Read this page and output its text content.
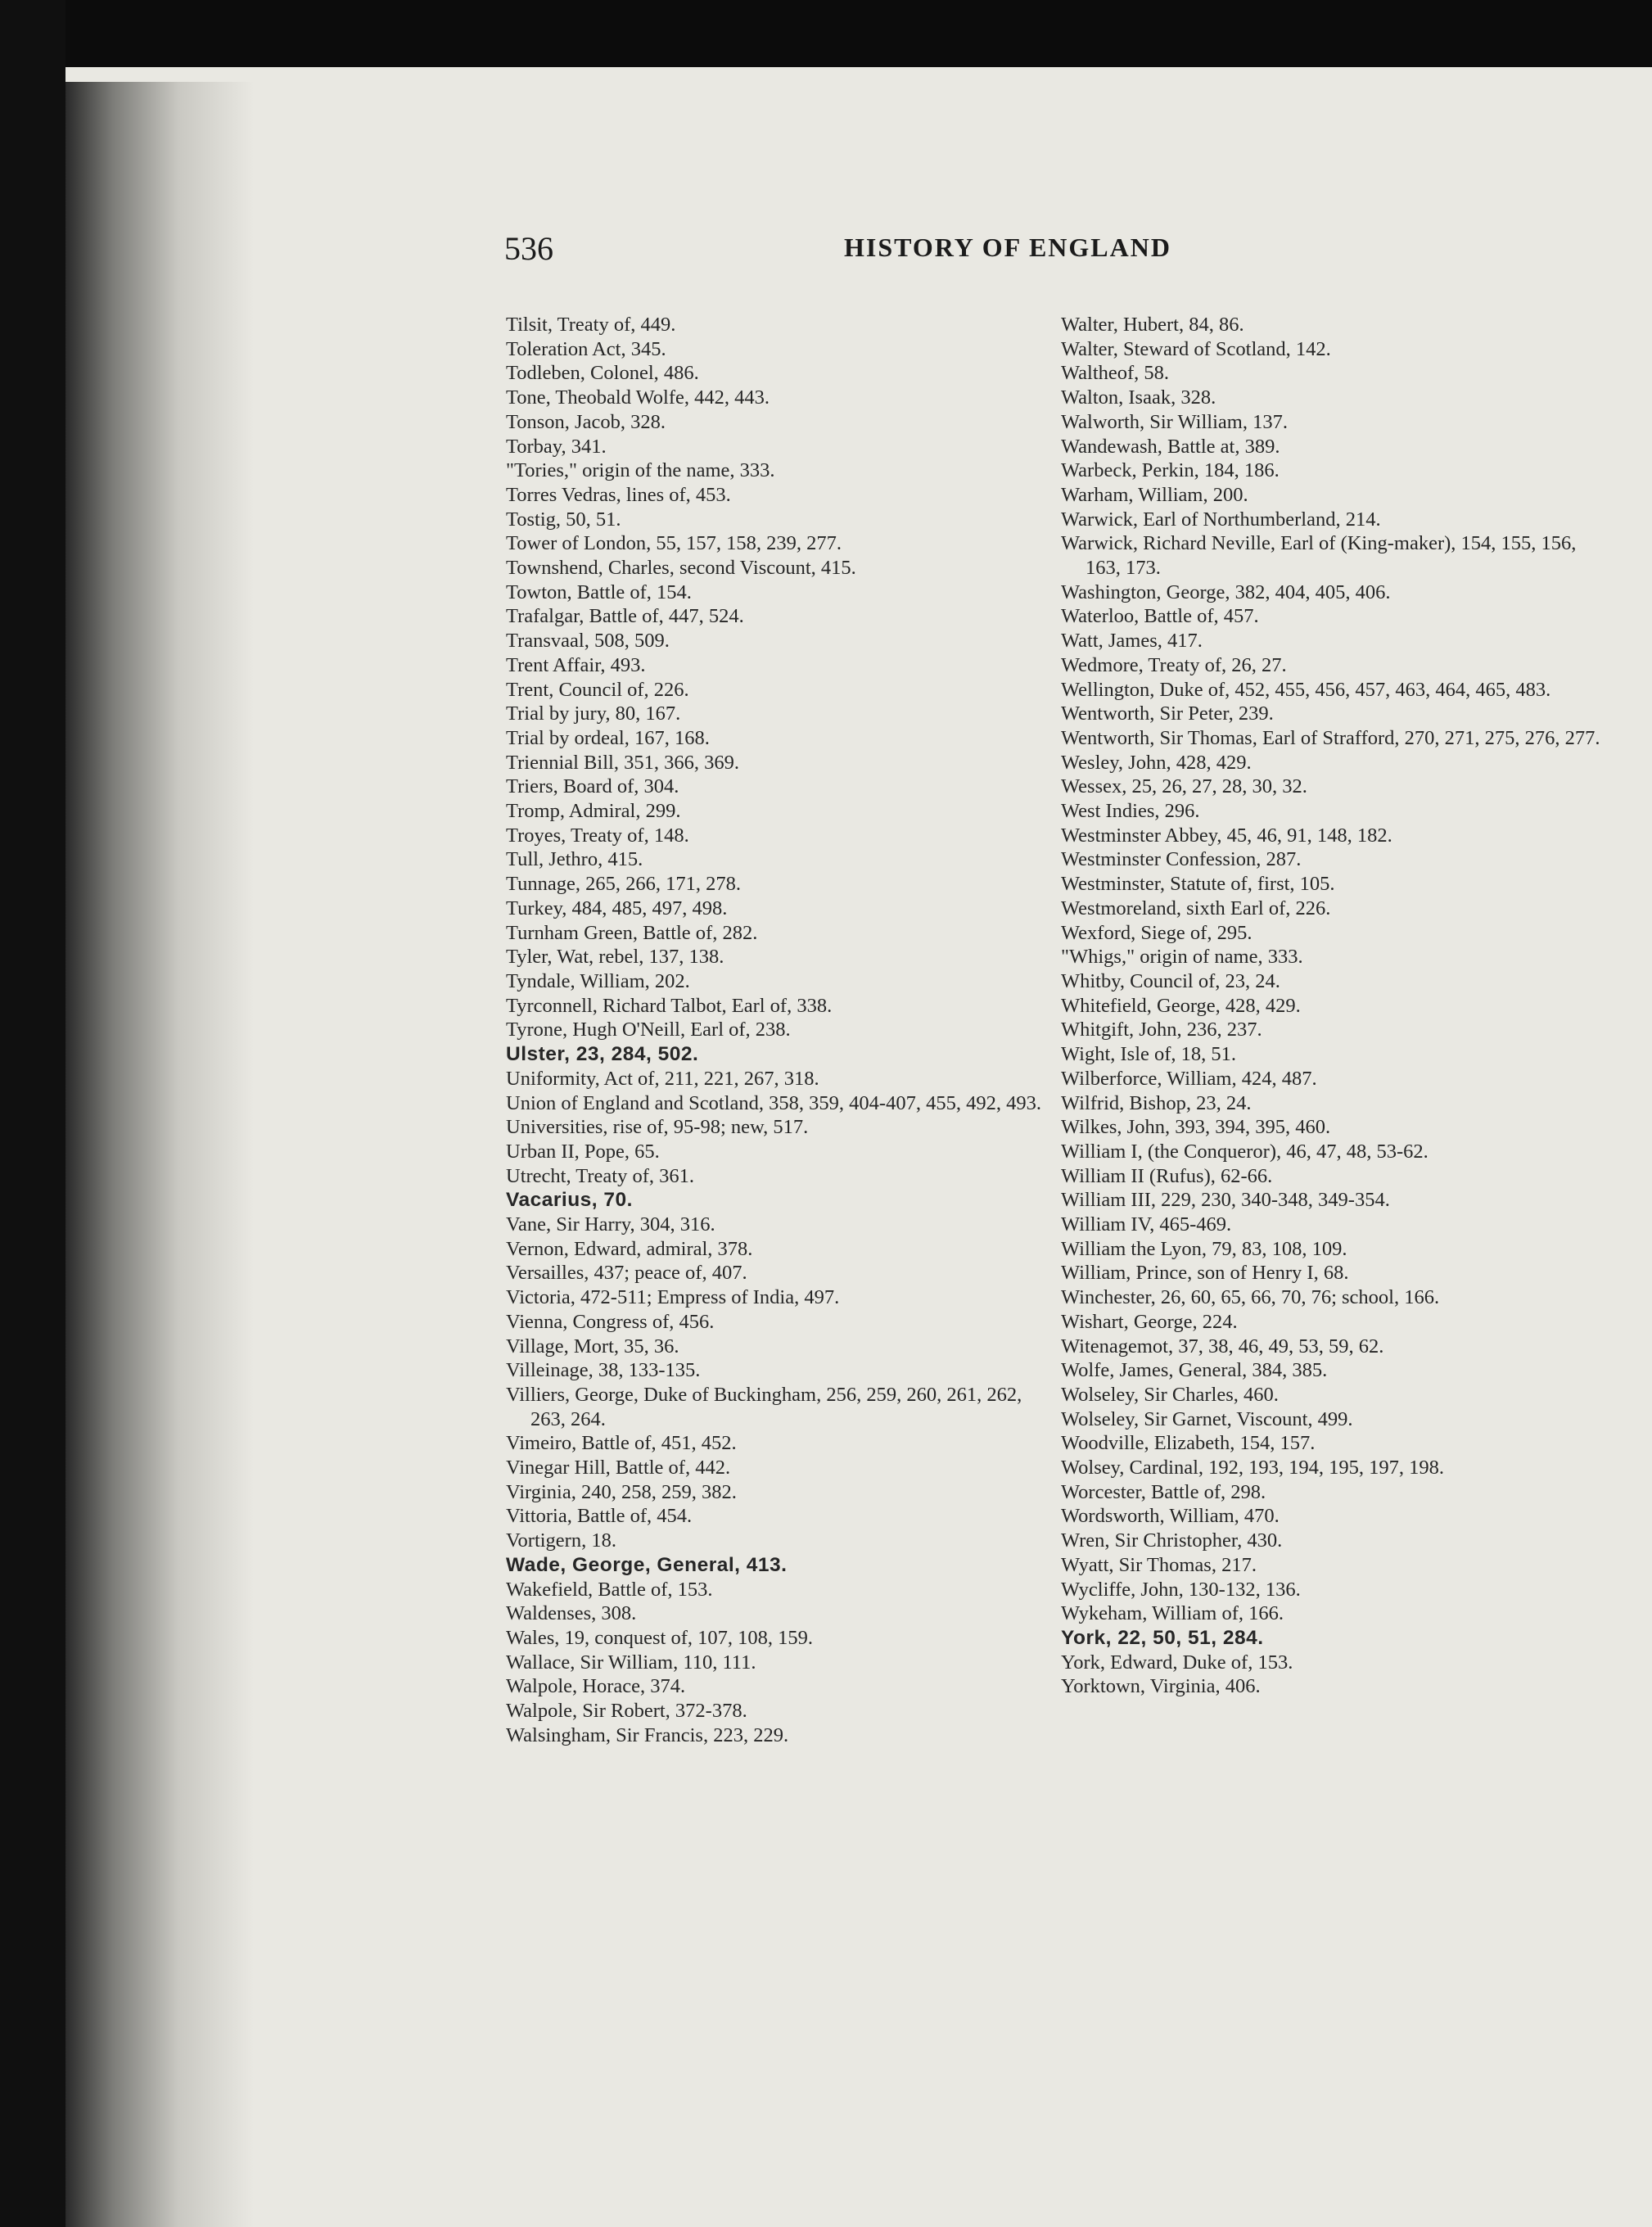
536	HISTORY OF ENGLAND
Tilsit, Treaty of, 449.
Toleration Act, 345.
Todleben, Colonel, 486.
Tone, Theobald Wolfe, 442, 443.
Tonson, Jacob, 328.
Torbay, 341.
"Tories," origin of the name, 333.
Torres Vedras, lines of, 453.
Tostig, 50, 51.
Tower of London, 55, 157, 158, 239, 277.
Townshend, Charles, second Viscount, 415.
Towton, Battle of, 154.
Trafalgar, Battle of, 447, 524.
Transvaal, 508, 509.
Trent Affair, 493.
Trent, Council of, 226.
Trial by jury, 80, 167.
Trial by ordeal, 167, 168.
Triennial Bill, 351, 366, 369.
Triers, Board of, 304.
Tromp, Admiral, 299.
Troyes, Treaty of, 148.
Tull, Jethro, 415.
Tunnage, 265, 266, 171, 278.
Turkey, 484, 485, 497, 498.
Turnham Green, Battle of, 282.
Tyler, Wat, rebel, 137, 138.
Tyndale, William, 202.
Tyrconnell, Richard Talbot, Earl of, 338.
Tyrone, Hugh O'Neill, Earl of, 238.
Ulster, 23, 284, 502.
Uniformity, Act of, 211, 221, 267, 318.
Union of England and Scotland, 358, 359, 404-407, 455, 492, 493.
Universities, rise of, 95-98; new, 517.
Urban II, Pope, 65.
Utrecht, Treaty of, 361.
Vacarius, 70.
Vane, Sir Harry, 304, 316.
Vernon, Edward, admiral, 378.
Versailles, 437; peace of, 407.
Victoria, 472-511; Empress of India, 497.
Vienna, Congress of, 456.
Village, Mort, 35, 36.
Villeinage, 38, 133-135.
Villiers, George, Duke of Buckingham, 256, 259, 260, 261, 262, 263, 264.
Vimeiro, Battle of, 451, 452.
Vinegar Hill, Battle of, 442.
Virginia, 240, 258, 259, 382.
Vittoria, Battle of, 454.
Vortigern, 18.
Wade, George, General, 413.
Wakefield, Battle of, 153.
Waldenses, 308.
Wales, 19, conquest of, 107, 108, 159.
Wallace, Sir William, 110, 111.
Walpole, Horace, 374.
Walpole, Sir Robert, 372-378.
Walsingham, Sir Francis, 223, 229.
Walter, Hubert, 84, 86.
Walter, Steward of Scotland, 142.
Waltheof, 58.
Walton, Isaak, 328.
Walworth, Sir William, 137.
Wandewash, Battle at, 389.
Warbeck, Perkin, 184, 186.
Warham, William, 200.
Warwick, Earl of Northumberland, 214.
Warwick, Richard Neville, Earl of (King-maker), 154, 155, 156, 163, 173.
Washington, George, 382, 404, 405, 406.
Waterloo, Battle of, 457.
Watt, James, 417.
Wedmore, Treaty of, 26, 27.
Wellington, Duke of, 452, 455, 456, 457, 463, 464, 465, 483.
Wentworth, Sir Peter, 239.
Wentworth, Sir Thomas, Earl of Strafford, 270, 271, 275, 276, 277.
Wesley, John, 428, 429.
Wessex, 25, 26, 27, 28, 30, 32.
West Indies, 296.
Westminster Abbey, 45, 46, 91, 148, 182.
Westminster Confession, 287.
Westminster, Statute of, first, 105.
Westmoreland, sixth Earl of, 226.
Wexford, Siege of, 295.
"Whigs," origin of name, 333.
Whitby, Council of, 23, 24.
Whitefield, George, 428, 429.
Whitgift, John, 236, 237.
Wight, Isle of, 18, 51.
Wilberforce, William, 424, 487.
Wilfrid, Bishop, 23, 24.
Wilkes, John, 393, 394, 395, 460.
William I, (the Conqueror), 46, 47, 48, 53-62.
William II (Rufus), 62-66.
William III, 229, 230, 340-348, 349-354.
William IV, 465-469.
William the Lyon, 79, 83, 108, 109.
William, Prince, son of Henry I, 68.
Winchester, 26, 60, 65, 66, 70, 76; school, 166.
Wishart, George, 224.
Witenagemot, 37, 38, 46, 49, 53, 59, 62.
Wolfe, James, General, 384, 385.
Wolseley, Sir Charles, 460.
Wolseley, Sir Garnet, Viscount, 499.
Woodville, Elizabeth, 154, 157.
Wolsey, Cardinal, 192, 193, 194, 195, 197, 198.
Worcester, Battle of, 298.
Wordsworth, William, 470.
Wren, Sir Christopher, 430.
Wyatt, Sir Thomas, 217.
Wycliffe, John, 130-132, 136.
Wykeham, William of, 166.
York, 22, 50, 51, 284.
York, Edward, Duke of, 153.
Yorktown, Virginia, 406.
